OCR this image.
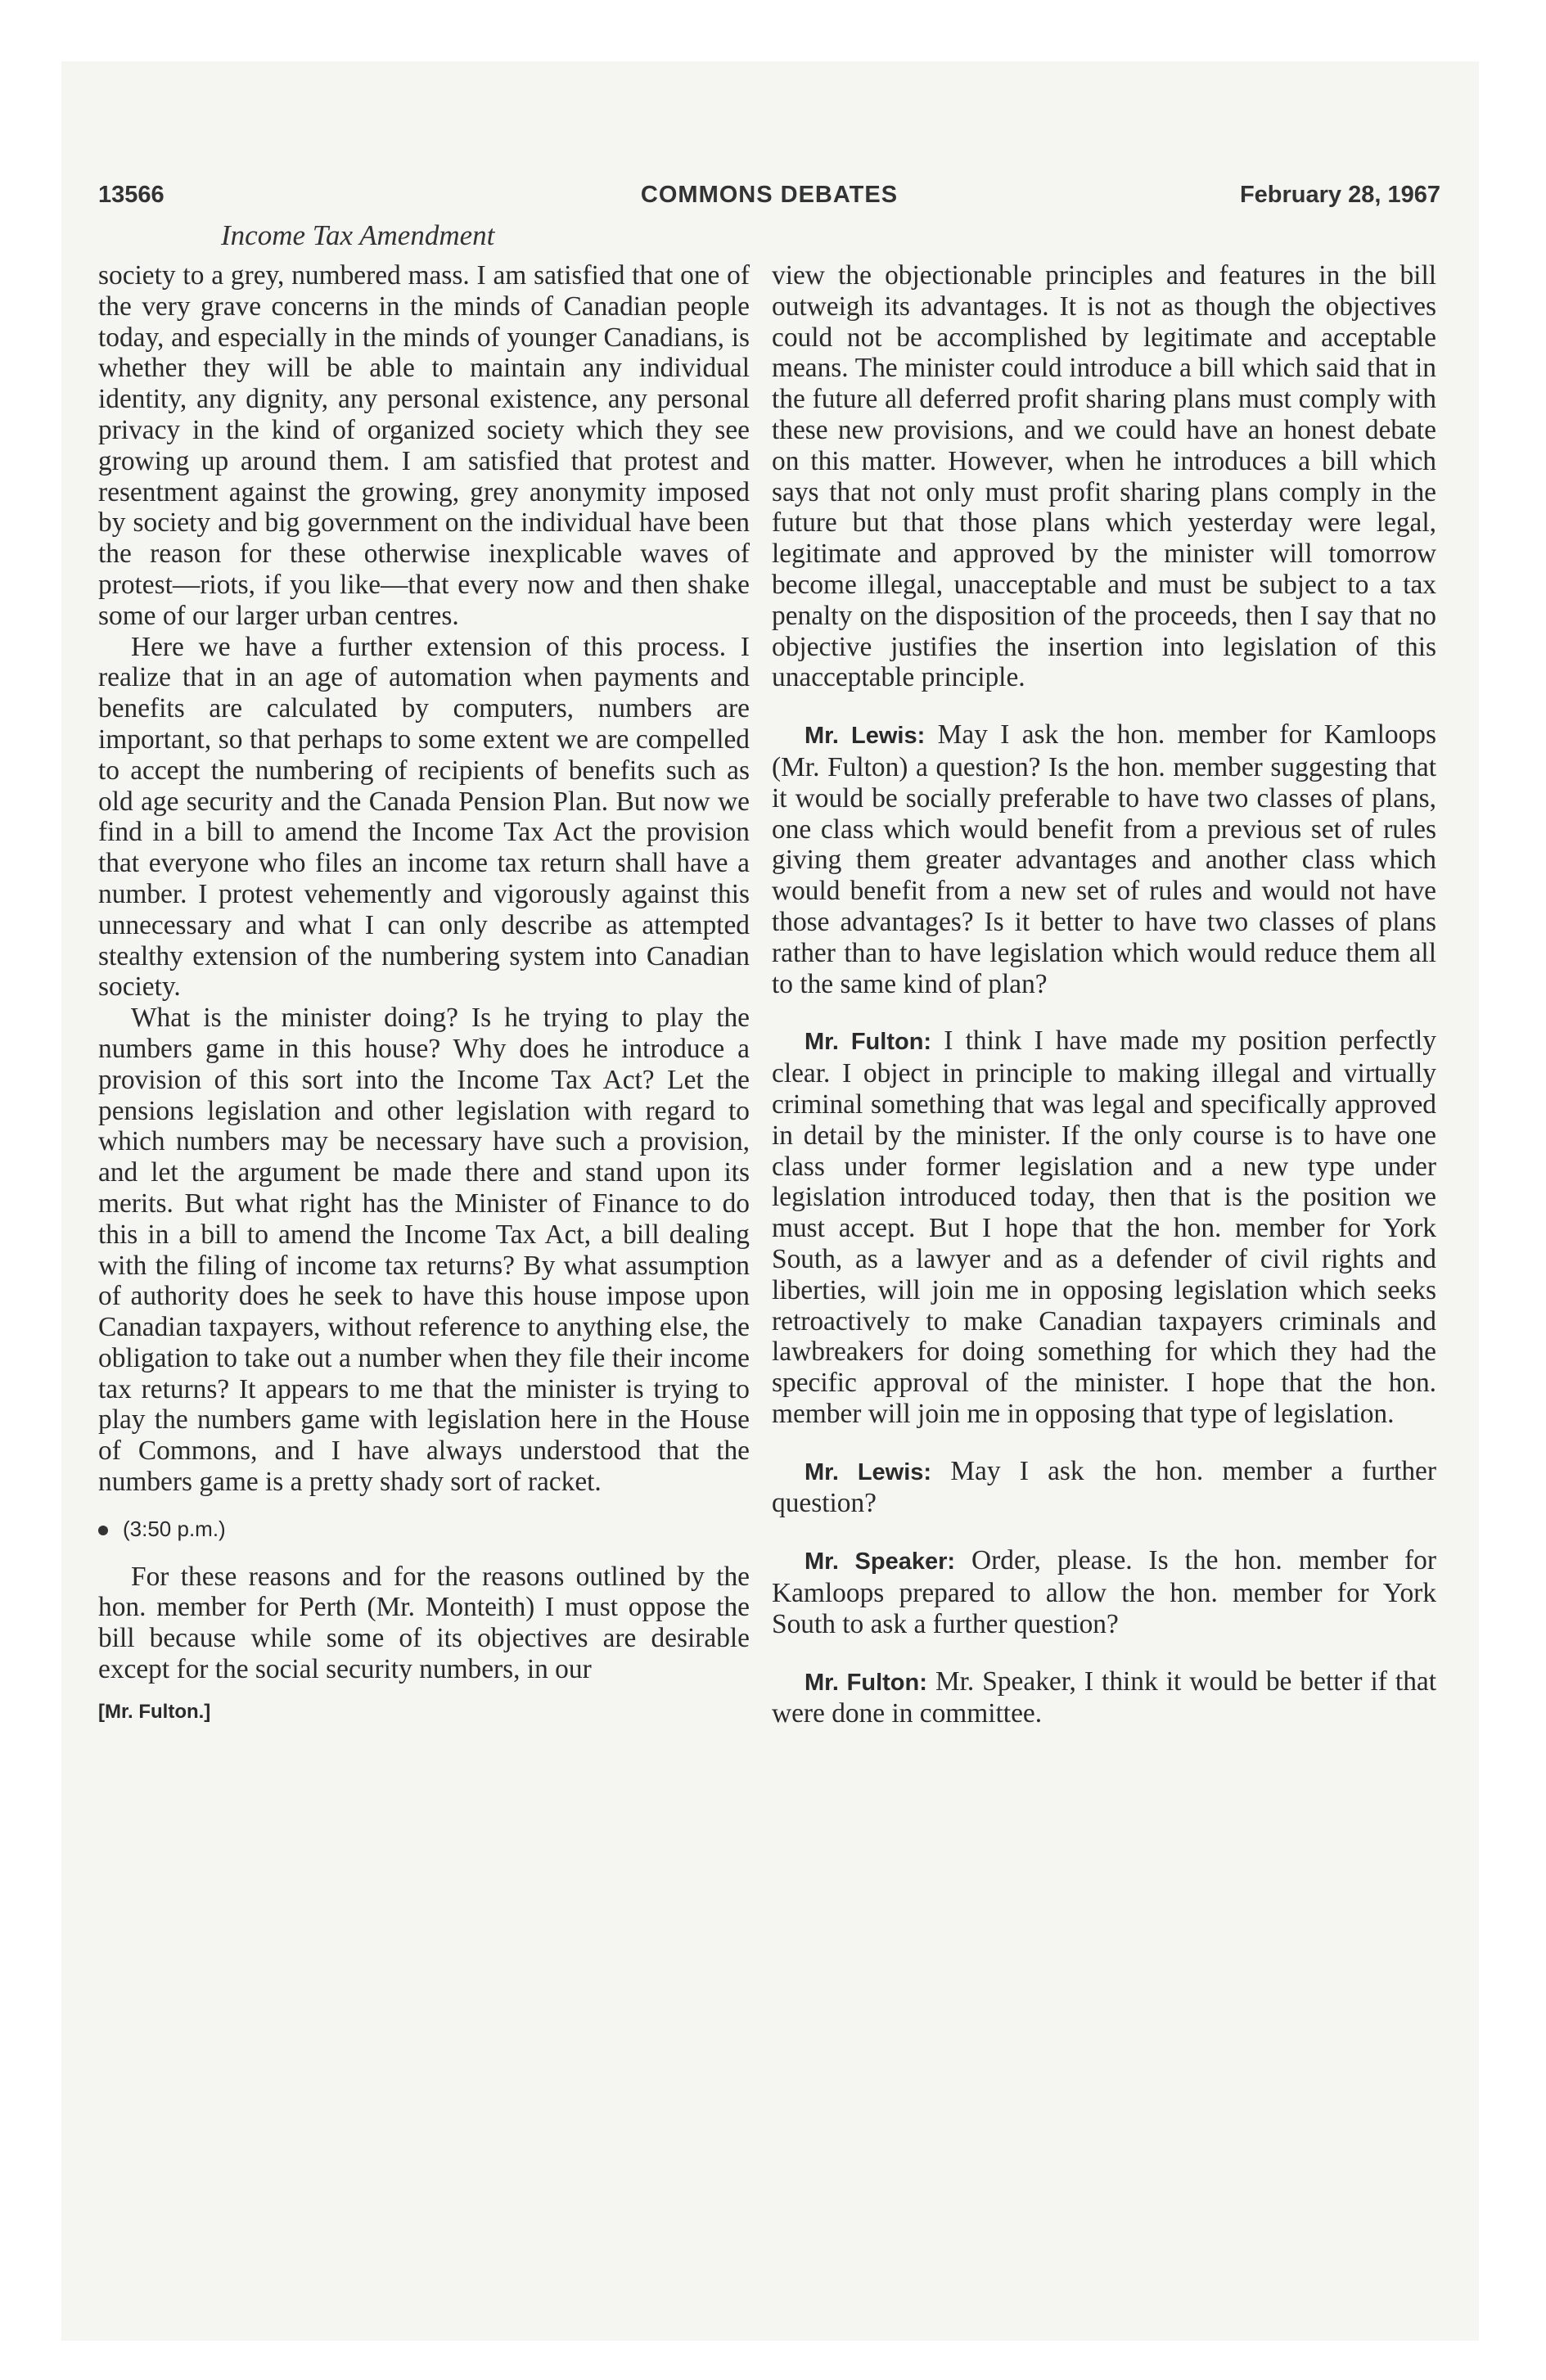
13566	COMMONS DEBATES	February 28, 1967
Income Tax Amendment

society to a grey, numbered mass. I am satisfied that one of the very grave concerns in the minds of Canadian people today, and especially in the minds of younger Canadians, is whether they will be able to maintain any individual identity, any dignity, any personal existence, any personal privacy in the kind of organized society which they see growing up around them. I am satisfied that protest and resentment against the growing, grey anonymity imposed by society and big government on the individual have been the reason for these otherwise inexplicable waves of protest—riots, if you like—that every now and then shake some of our larger urban centres.

Here we have a further extension of this process. I realize that in an age of automation when payments and benefits are calculated by computers, numbers are important, so that perhaps to some extent we are compelled to accept the numbering of recipients of benefits such as old age security and the Canada Pension Plan. But now we find in a bill to amend the Income Tax Act the provision that everyone who files an income tax return shall have a number. I protest vehemently and vigorously against this unnecessary and what I can only describe as attempted stealthy extension of the numbering system into Canadian society.

What is the minister doing? Is he trying to play the numbers game in this house? Why does he introduce a provision of this sort into the Income Tax Act? Let the pensions legislation and other legislation with regard to which numbers may be necessary have such a provision, and let the argument be made there and stand upon its merits. But what right has the Minister of Finance to do this in a bill to amend the Income Tax Act, a bill dealing with the filing of income tax returns? By what assumption of authority does he seek to have this house impose upon Canadian taxpayers, without reference to anything else, the obligation to take out a number when they file their income tax returns? It appears to me that the minister is trying to play the numbers game with legislation here in the House of Commons, and I have always understood that the numbers game is a pretty shady sort of racket.

(3:50 p.m.)

For these reasons and for the reasons outlined by the hon. member for Perth (Mr. Monteith) I must oppose the bill because while some of its objectives are desirable except for the social security numbers, in our

[Mr. Fulton.]

view the objectionable principles and features in the bill outweigh its advantages. It is not as though the objectives could not be accomplished by legitimate and acceptable means. The minister could introduce a bill which said that in the future all deferred profit sharing plans must comply with these new provisions, and we could have an honest debate on this matter. However, when he introduces a bill which says that not only must profit sharing plans comply in the future but that those plans which yesterday were legal, legitimate and approved by the minister will tomorrow become illegal, unacceptable and must be subject to a tax penalty on the disposition of the proceeds, then I say that no objective justifies the insertion into legislation of this unacceptable principle.

Mr. Lewis: May I ask the hon. member for Kamloops (Mr. Fulton) a question? Is the hon. member suggesting that it would be socially preferable to have two classes of plans, one class which would benefit from a previous set of rules giving them greater advantages and another class which would benefit from a new set of rules and would not have those advantages? Is it better to have two classes of plans rather than to have legislation which would reduce them all to the same kind of plan?

Mr. Fulton: I think I have made my position perfectly clear. I object in principle to making illegal and virtually criminal something that was legal and specifically approved in detail by the minister. If the only course is to have one class under former legislation and a new type under legislation introduced today, then that is the position we must accept. But I hope that the hon. member for York South, as a lawyer and as a defender of civil rights and liberties, will join me in opposing legislation which seeks retroactively to make Canadian taxpayers criminals and lawbreakers for doing something for which they had the specific approval of the minister. I hope that the hon. member will join me in opposing that type of legislation.

Mr. Lewis: May I ask the hon. member a further question?

Mr. Speaker: Order, please. Is the hon. member for Kamloops prepared to allow the hon. member for York South to ask a further question?

Mr. Fulton: Mr. Speaker, I think it would be better if that were done in committee.
